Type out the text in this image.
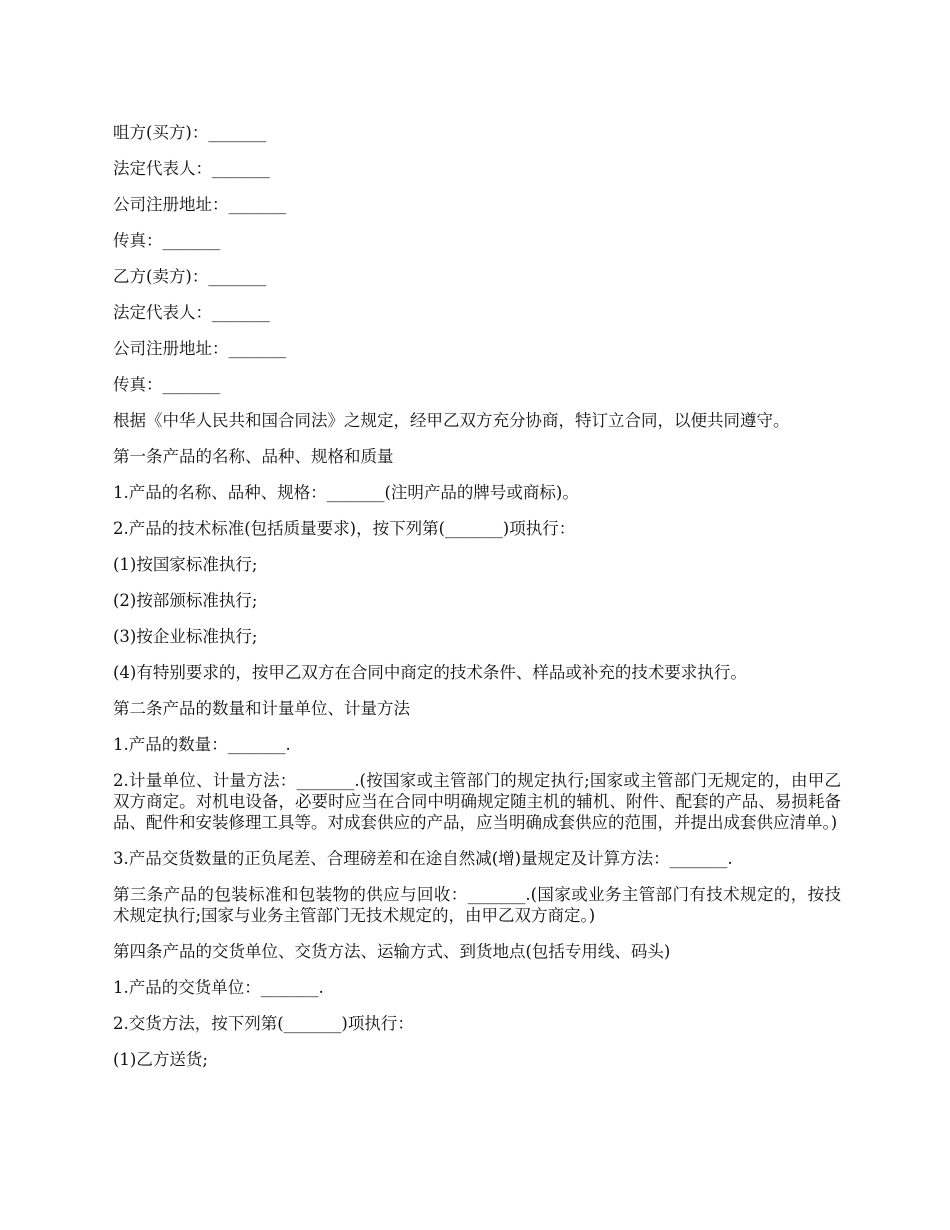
咀方(买方)：_______

法定代表人：_______

公司注册地址：_______

传真：_______

乙方(卖方)：_______

法定代表人：_______

公司注册地址：_______

传真：_______

根据《中华人民共和国合同法》之规定，经甲乙双方充分协商，特订立合同，以便共同遵守。

第一条产品的名称、品种、规格和质量

1.产品的名称、品种、规格：_______(注明产品的牌号或商标)。

2.产品的技术标准(包括质量要求)，按下列第(_______)项执行：

(1)按国家标准执行;

(2)按部颁标准执行;

(3)按企业标准执行;

(4)有特别要求的，按甲乙双方在合同中商定的技术条件、样品或补充的技术要求执行。

第二条产品的数量和计量单位、计量方法

1.产品的数量：_______.

2.计量单位、计量方法：_______.(按国家或主管部门的规定执行;国家或主管部门无规定的，由甲乙双方商定。对机电设备，必要时应当在合同中明确规定随主机的辅机、附件、配套的产品、易损耗备品、配件和安装修理工具等。对成套供应的产品，应当明确成套供应的范围，并提出成套供应清单。)

3.产品交货数量的正负尾差、合理磅差和在途自然减(增)量规定及计算方法：_______.

第三条产品的包装标准和包装物的供应与回收：_______.(国家或业务主管部门有技术规定的，按技术规定执行;国家与业务主管部门无技术规定的，由甲乙双方商定。)

第四条产品的交货单位、交货方法、运输方式、到货地点(包括专用线、码头)

1.产品的交货单位：_______.

2.交货方法，按下列第(_______)项执行：

(1)乙方送货;
